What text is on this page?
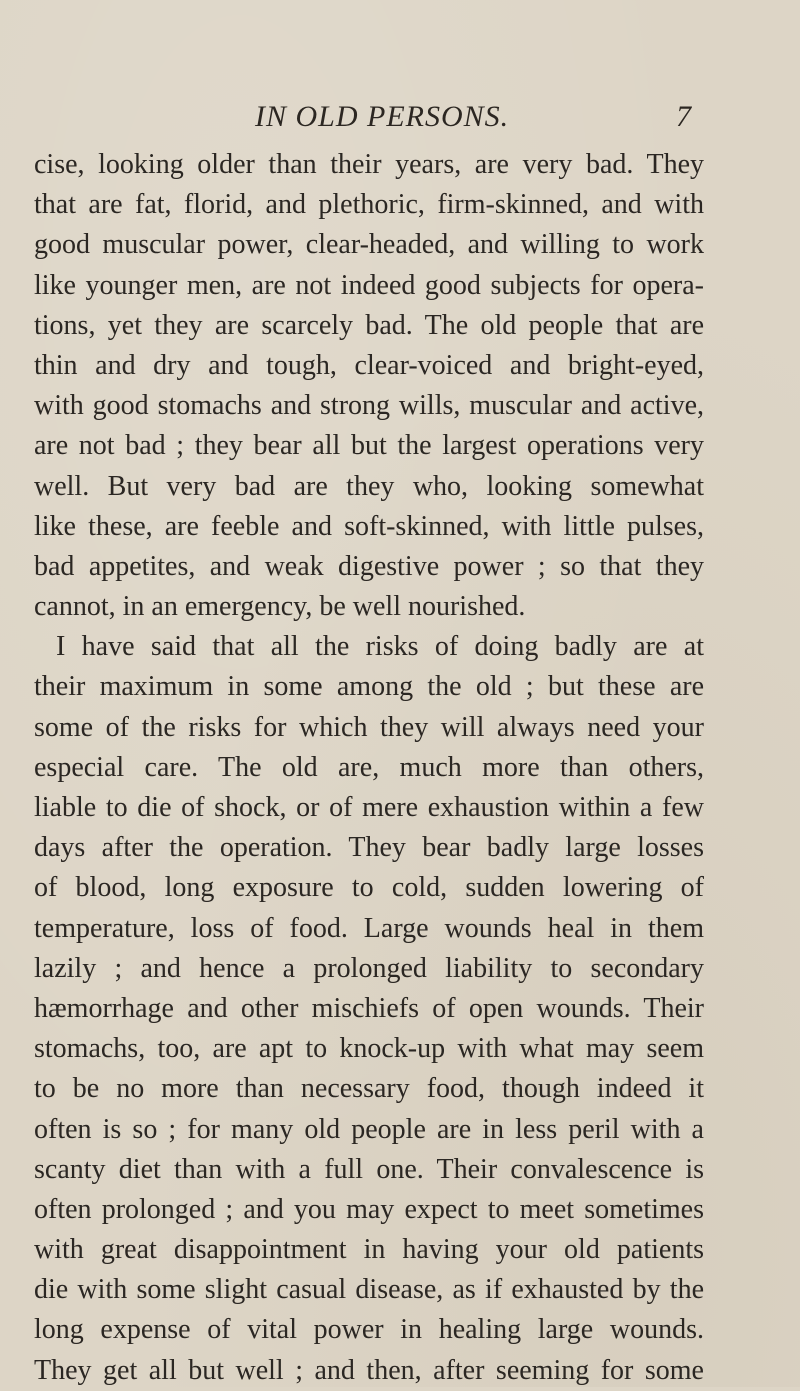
IN OLD PERSONS.	7
cise, looking older than their years, are very bad. They
that are fat, florid, and plethoric, firm-skinned, and with
good muscular power, clear-headed, and willing to work
like younger men, are not indeed good subjects for opera-
tions, yet they are scarcely bad. The old people that are
thin and dry and tough, clear-voiced and bright-eyed,
with good stomachs and strong wills, muscular and active,
are not bad ; they bear all but the largest operations very
well. But very bad are they who, looking somewhat
like these, are feeble and soft-skinned, with little pulses,
bad appetites, and weak digestive power ; so that they
cannot, in an emergency, be well nourished.
I have said that all the risks of doing badly are at
their maximum in some among the old ; but these are
some of the risks for which they will always need your
especial care. The old are, much more than others,
liable to die of shock, or of mere exhaustion within a few
days after the operation. They bear badly large losses
of blood, long exposure to cold, sudden lowering of
temperature, loss of food. Large wounds heal in them
lazily ; and hence a prolonged liability to secondary
hæmorrhage and other mischiefs of open wounds. Their
stomachs, too, are apt to knock-up with what may seem
to be no more than necessary food, though indeed it
often is so ; for many old people are in less peril with a
scanty diet than with a full one. Their convalescence is
often prolonged ; and you may expect to meet sometimes
with great disappointment in having your old patients
die with some slight casual disease, as if exhausted by the
long expense of vital power in healing large wounds.
They get all but well ; and then, after seeming for some
